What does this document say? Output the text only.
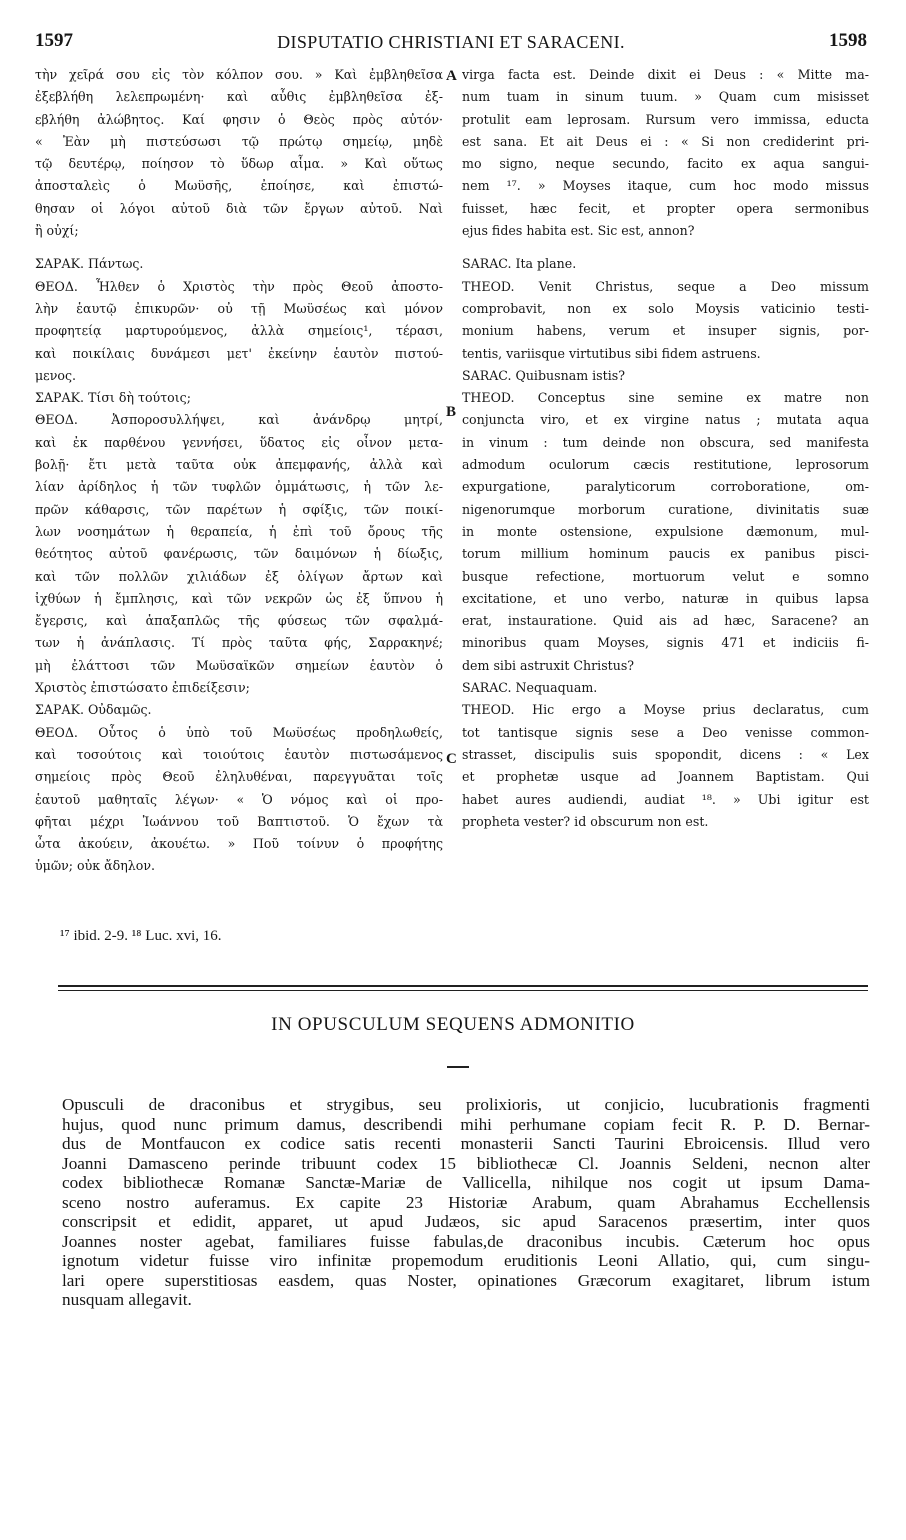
1597	DISPUTATIO CHRISTIANI ET SARACENI.	1598
A
B
C
τὴν χεῖρά σου εἰς τὸν κόλπον σου. » Καὶ ἐμβληθεῖσα
ἐξεβλήθη λελεπρωμένη· καὶ αὖθις ἐμβληθεῖσα ἐξ-
εβλήθη ἀλώβητος. Καί φησιν ὁ Θεὸς πρὸς αὐτόν·
« Ἐὰν μὴ πιστεύσωσι τῷ πρώτῳ σημείῳ, μηδὲ
τῷ δευτέρῳ, ποίησον τὸ ὕδωρ αἷμα. » Καὶ οὕτως
ἀποσταλεὶς ὁ Μωϋσῆς, ἐποίησε, καὶ ἐπιστώ-
θησαν οἱ λόγοι αὐτοῦ διὰ τῶν ἔργων αὐτοῦ. Ναὶ
ἢ οὐχί;
ΣΑΡΑΚ. Πάντως.
ΘΕΟΔ. Ἦλθεν ὁ Χριστὸς τὴν πρὸς Θεοῦ ἀποστο-
λὴν ἑαυτῷ ἐπικυρῶν· οὐ τῇ Μωϋσέως καὶ μόνον
προφητείᾳ μαρτυρούμενος, ἀλλὰ σημείοις¹, τέρασι,
καὶ ποικίλαις δυνάμεσι μετ' ἐκείνην ἑαυτὸν πιστού-
μενος.
ΣΑΡΑΚ. Τίσι δὴ τούτοις;
ΘΕΟΔ. Ἀσποροσυλλήψει, καὶ ἀνάνδρῳ μητρί,
καὶ ἐκ παρθένου γεννήσει, ὕδατος εἰς οἶνον μετα-
βολῇ· ἔτι μετὰ ταῦτα οὐκ ἀπεμφανής, ἀλλὰ καὶ
λίαν ἀρίδηλος ἡ τῶν τυφλῶν ὀμμάτωσις, ἡ τῶν λε-
πρῶν κάθαρσις, τῶν παρέτων ἡ σφίξις, τῶν ποικί-
λων νοσημάτων ἡ θεραπεία, ἡ ἐπὶ τοῦ ὄρους τῆς
θεότητος αὐτοῦ φανέρωσις, τῶν δαιμόνων ἡ δίωξις,
καὶ τῶν πολλῶν χιλιάδων ἐξ ὀλίγων ἄρτων καὶ
ἰχθύων ἡ ἔμπλησις, καὶ τῶν νεκρῶν ὡς ἐξ ὕπνου ἡ
ἔγερσις, καὶ ἁπαξαπλῶς τῆς φύσεως τῶν σφαλμά-
των ἡ ἀνάπλασις. Τί πρὸς ταῦτα φής, Σαρρακηνέ;
μὴ ἐλάττοσι τῶν Μωϋσαϊκῶν σημείων ἑαυτὸν ὁ
Χριστὸς ἐπιστώσατο ἐπιδείξεσιν;
ΣΑΡΑΚ. Οὐδαμῶς.
ΘΕΟΔ. Οὗτος ὁ ὑπὸ τοῦ Μωϋσέως προδηλωθείς,
καὶ τοσούτοις καὶ τοιούτοις ἑαυτὸν πιστωσάμενος
σημείοις πρὸς Θεοῦ ἐληλυθέναι, παρεγγυᾶται τοῖς
ἑαυτοῦ μαθηταῖς λέγων· « Ὁ νόμος καὶ οἱ προ-
φῆται μέχρι Ἰωάννου τοῦ Βαπτιστοῦ. Ὁ ἔχων τὰ
ὦτα ἀκούειν, ἀκουέτω. » Ποῦ τοίνυν ὁ προφήτης
ὑμῶν; οὐκ ἄδηλον.
virga facta est. Deinde dixit ei Deus : « Mitte ma-
num tuam in sinum tuum. » Quam cum misisset
protulit eam leprosam. Rursum vero immissa, educta
est sana. Et ait Deus ei : « Si non crediderint pri-
mo signo, neque secundo, facito ex aqua sangui-
nem ¹⁷. » Moyses itaque, cum hoc modo missus
fuisset, hæc fecit, et propter opera sermonibus
ejus fides habita est. Sic est, annon?
SARAC. Ita plane.
THEOD. Venit Christus, seque a Deo missum
comprobavit, non ex solo Moysis vaticinio testi-
monium habens, verum et insuper signis, por-
tentis, variisque virtutibus sibi fidem astruens.
SARAC. Quibusnam istis?
THEOD. Conceptus sine semine ex matre non
conjuncta viro, et ex virgine natus ; mutata aqua
in vinum : tum deinde non obscura, sed manifesta
admodum oculorum cæcis restitutione, leprosorum
expurgatione, paralyticorum corroboratione, om-
nigenorumque morborum curatione, divinitatis suæ
in monte ostensione, expulsione dæmonum, mul-
torum millium hominum paucis ex panibus pisci-
busque refectione, mortuorum velut e somno
excitatione, et uno verbo, naturæ in quibus lapsa
erat, instauratione. Quid ais ad hæc, Saracene? an
minoribus quam Moyses, signis 471 et indiciis fi-
dem sibi astruxit Christus?
SARAC. Nequaquam.
THEOD. Hic ergo a Moyse prius declaratus, cum
tot tantisque signis sese a Deo venisse common-
strasset, discipulis suis spopondit, dicens : « Lex
et prophetæ usque ad Joannem Baptistam. Qui
habet aures audiendi, audiat ¹⁸. » Ubi igitur est
propheta vester? id obscurum non est.
¹⁷ ibid. 2-9. ¹⁸ Luc. xvi, 16.
IN OPUSCULUM SEQUENS ADMONITIO
Opusculi de draconibus et strygibus, seu prolixioris, ut conjicio, lucubrationis fragmenti
hujus, quod nunc primum damus, describendi mihi perhumane copiam fecit R. P. D. Bernar-
dus de Montfaucon ex codice satis recenti monasterii Sancti Taurini Ebroicensis. Illud vero
Joanni Damasceno perinde tribuunt codex 15 bibliothecæ Cl. Joannis Seldeni, necnon alter
codex bibliothecæ Romanæ Sanctæ-Mariæ de Vallicella, nihilque nos cogit ut ipsum Dama-
sceno nostro auferamus. Ex capite 23 Historiæ Arabum, quam Abrahamus Ecchellensis
conscripsit et edidit, apparet, ut apud Judæos, sic apud Saracenos præsertim, inter quos
Joannes noster agebat, familiares fuisse fabulas,de draconibus incubis. Cæterum hoc opus
ignotum videtur fuisse viro infinitæ propemodum eruditionis Leoni Allatio, qui, cum singu-
lari opere superstitiosas easdem, quas Noster, opinationes Græcorum exagitaret, librum istum
nusquam allegavit.
